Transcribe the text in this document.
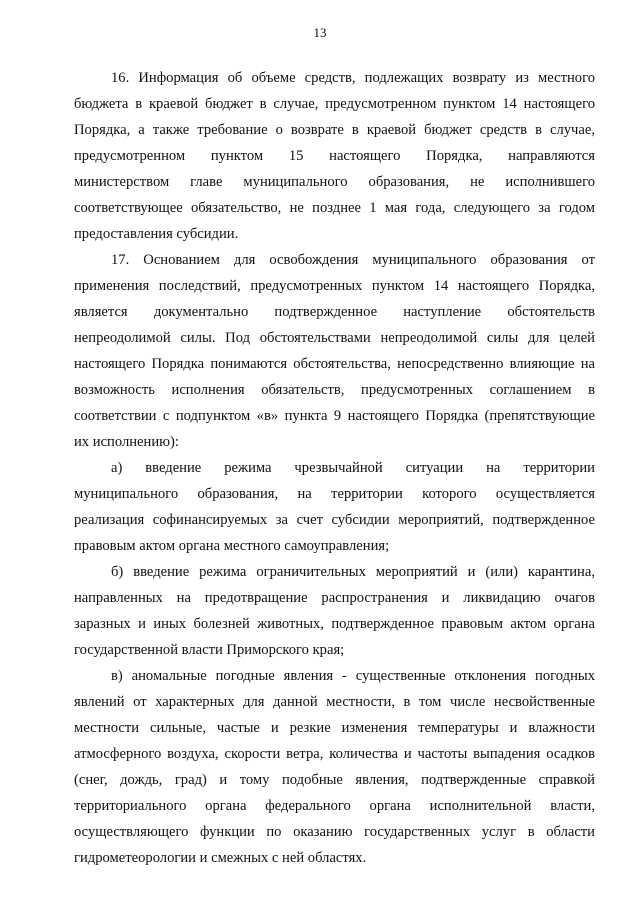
13
16. Информация об объеме средств, подлежащих возврату из местного
бюджета в краевой бюджет в случае, предусмотренном пунктом 14 настоящего
Порядка, а также требование о возврате в краевой бюджет средств в случае,
предусмотренном пунктом 15 настоящего Порядка, направляются
министерством главе муниципального образования, не исполнившего
соответствующее обязательство, не позднее 1 мая года, следующего за годом
предоставления субсидии.
17. Основанием для освобождения муниципального образования от
применения последствий, предусмотренных пунктом 14 настоящего Порядка,
является документально подтвержденное наступление обстоятельств
непреодолимой силы. Под обстоятельствами непреодолимой силы для целей
настоящего Порядка понимаются обстоятельства, непосредственно влияющие на
возможность исполнения обязательств, предусмотренных соглашением в
соответствии с подпунктом «в» пункта 9 настоящего Порядка (препятствующие
их исполнению):
а) введение режима чрезвычайной ситуации на территории
муниципального образования, на территории которого осуществляется
реализация софинансируемых за счет субсидии мероприятий, подтвержденное
правовым актом органа местного самоуправления;
б) введение режима ограничительных мероприятий и (или) карантина,
направленных на предотвращение распространения и ликвидацию очагов
заразных и иных болезней животных, подтвержденное правовым актом органа
государственной власти Приморского края;
в) аномальные погодные явления - существенные отклонения погодных
явлений от характерных для данной местности, в том числе несвойственные
местности сильные, частые и резкие изменения температуры и влажности
атмосферного воздуха, скорости ветра, количества и частоты выпадения осадков
(снег, дождь, град) и тому подобные явления, подтвержденные справкой
территориального органа федерального органа исполнительной власти,
осуществляющего функции по оказанию государственных услуг в области
гидрометеорологии и смежных с ней областях.
